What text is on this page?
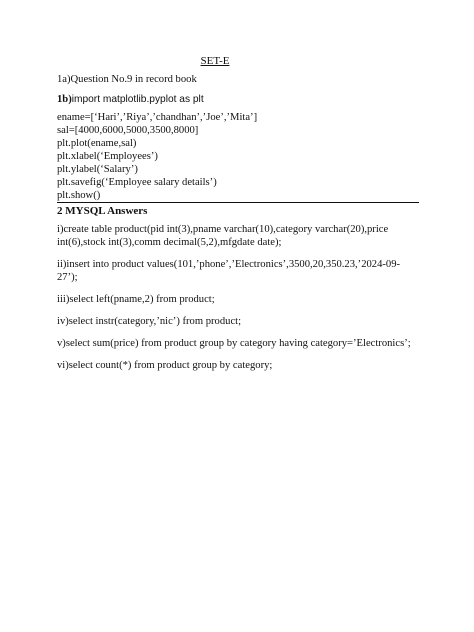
SET-E
1a)Question No.9 in record book
1b)import matplotlib.pyplot as plt
ename=[‘Hari’,’Riya’,’chandhan’,’Joe’,’Mita’]
sal=[4000,6000,5000,3500,8000]
plt.plot(ename,sal)
plt.xlabel(‘Employees’)
plt.ylabel(‘Salary’)
plt.savefig(‘Employee salary details’)
plt.show()
2 MYSQL Answers

i)create table product(pid int(3),pname varchar(10),category varchar(20),price int(6),stock int(3),comm decimal(5,2),mfgdate date);

ii)insert into product values(101,’phone’,’Electronics’,3500,20,350.23,’2024-09-27’);

iii)select left(pname,2) from product;

iv)select instr(category,’nic’) from product;

v)select sum(price) from product group by category having category=’Electronics’;

vi)select count(*) from product group by category;
